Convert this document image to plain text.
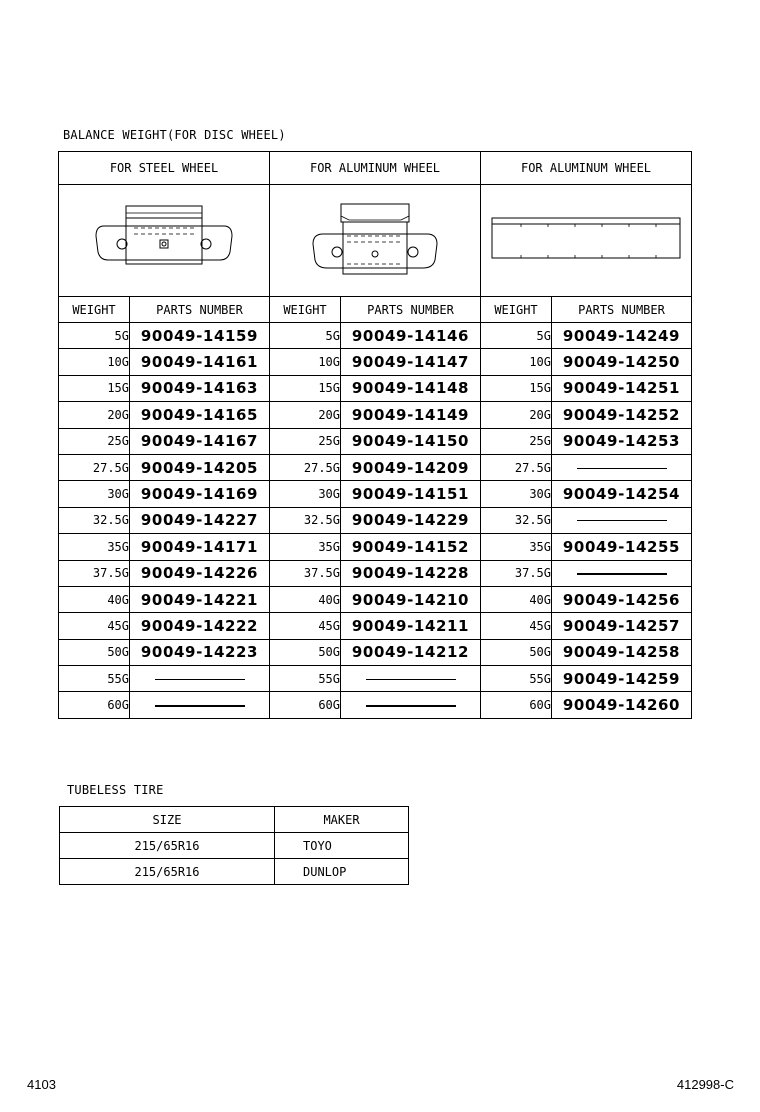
BALANCE WEIGHT(FOR DISC WHEEL)
FOR STEEL WHEEL		FOR ALUMINUM WHEEL		FOR ALUMINUM WHEEL	

WEIGHT	PARTS NUMBER	WEIGHT	PARTS NUMBER	WEIGHT	PARTS NUMBER
5G	90049-14159	5G	90049-14146	5G	90049-14249
10G	90049-14161	10G	90049-14147	10G	90049-14250
15G	90049-14163	15G	90049-14148	15G	90049-14251
20G	90049-14165	20G	90049-14149	20G	90049-14252
25G	90049-14167	25G	90049-14150	25G	90049-14253
27.5G	90049-14205	27.5G	90049-14209	27.5G	
30G	90049-14169	30G	90049-14151	30G	90049-14254
32.5G	90049-14227	32.5G	90049-14229	32.5G	
35G	90049-14171	35G	90049-14152	35G	90049-14255
37.5G	90049-14226	37.5G	90049-14228	37.5G	
40G	90049-14221	40G	90049-14210	40G	90049-14256
45G	90049-14222	45G	90049-14211	45G	90049-14257
50G	90049-14223	50G	90049-14212	50G	90049-14258
55G		55G		55G	90049-14259
60G		60G		60G	90049-14260
TUBELESS TIRE
SIZE	MAKER
215/65R16	TOYO
215/65R16	DUNLOP
4103	412998-C
